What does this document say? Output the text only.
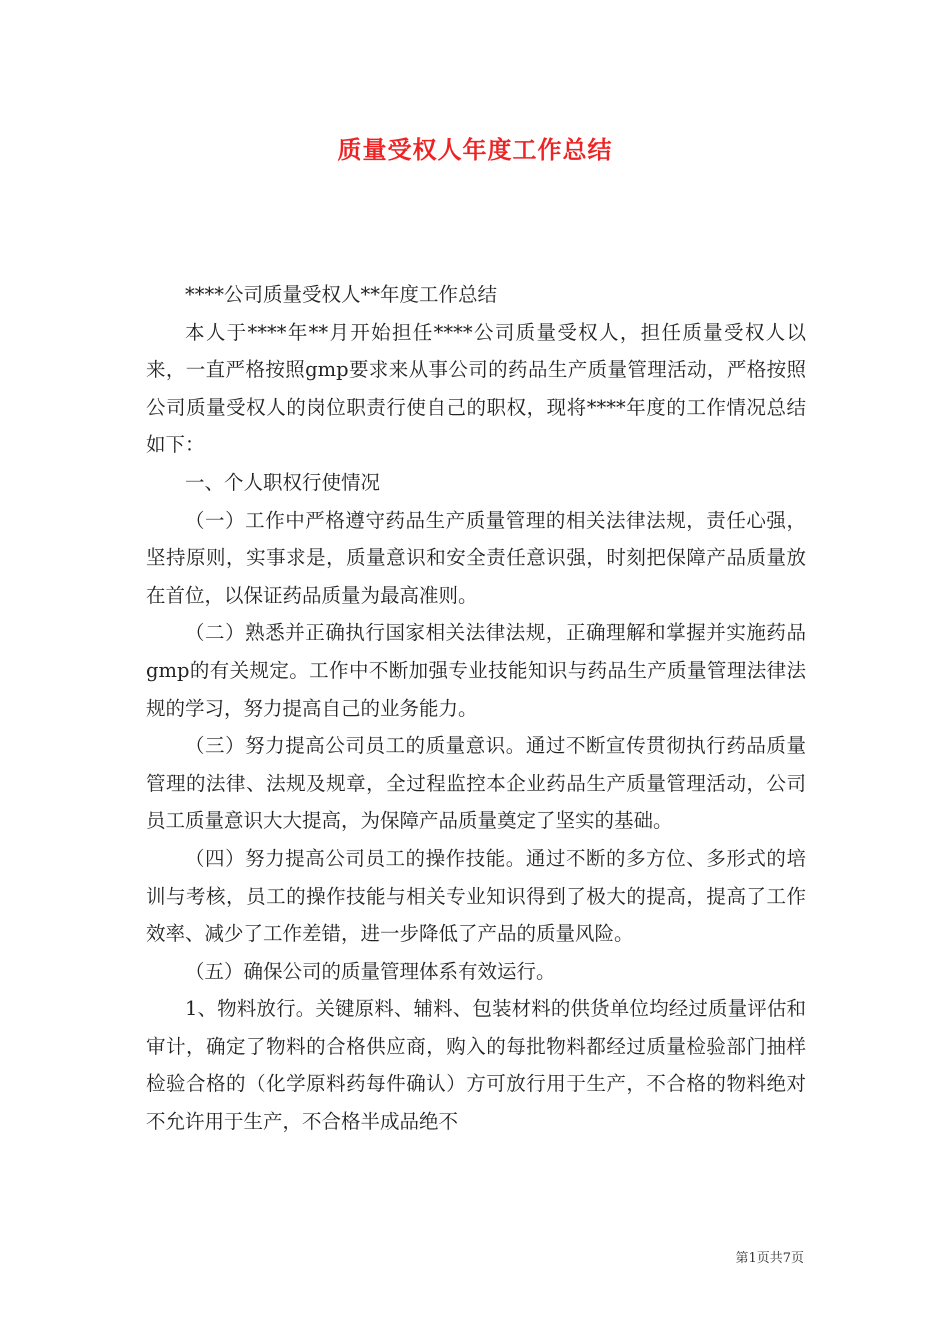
质量受权人年度工作总结

****公司质量受权人**年度工作总结

本人于****年**月开始担任****公司质量受权人，担任质量受权人以来，一直严格按照gmp要求来从事公司的药品生产质量管理活动，严格按照公司质量受权人的岗位职责行使自己的职权，现将****年度的工作情况总结如下：

一、个人职权行使情况

（一）工作中严格遵守药品生产质量管理的相关法律法规，责任心强，坚持原则，实事求是，质量意识和安全责任意识强，时刻把保障产品质量放在首位，以保证药品质量为最高准则。

（二）熟悉并正确执行国家相关法律法规，正确理解和掌握并实施药品gmp的有关规定。工作中不断加强专业技能知识与药品生产质量管理法律法规的学习，努力提高自己的业务能力。

（三）努力提高公司员工的质量意识。通过不断宣传贯彻执行药品质量管理的法律、法规及规章，全过程监控本企业药品生产质量管理活动，公司员工质量意识大大提高，为保障产品质量奠定了坚实的基础。

（四）努力提高公司员工的操作技能。通过不断的多方位、多形式的培训与考核，员工的操作技能与相关专业知识得到了极大的提高，提高了工作效率、减少了工作差错，进一步降低了产品的质量风险。

（五）确保公司的质量管理体系有效运行。

1、物料放行。关键原料、辅料、包装材料的供货单位均经过质量评估和审计，确定了物料的合格供应商，购入的每批物料都经过质量检验部门抽样检验合格的（化学原料药每件确认）方可放行用于生产，不合格的物料绝对不允许用于生产，不合格半成品绝不

第1页共7页
